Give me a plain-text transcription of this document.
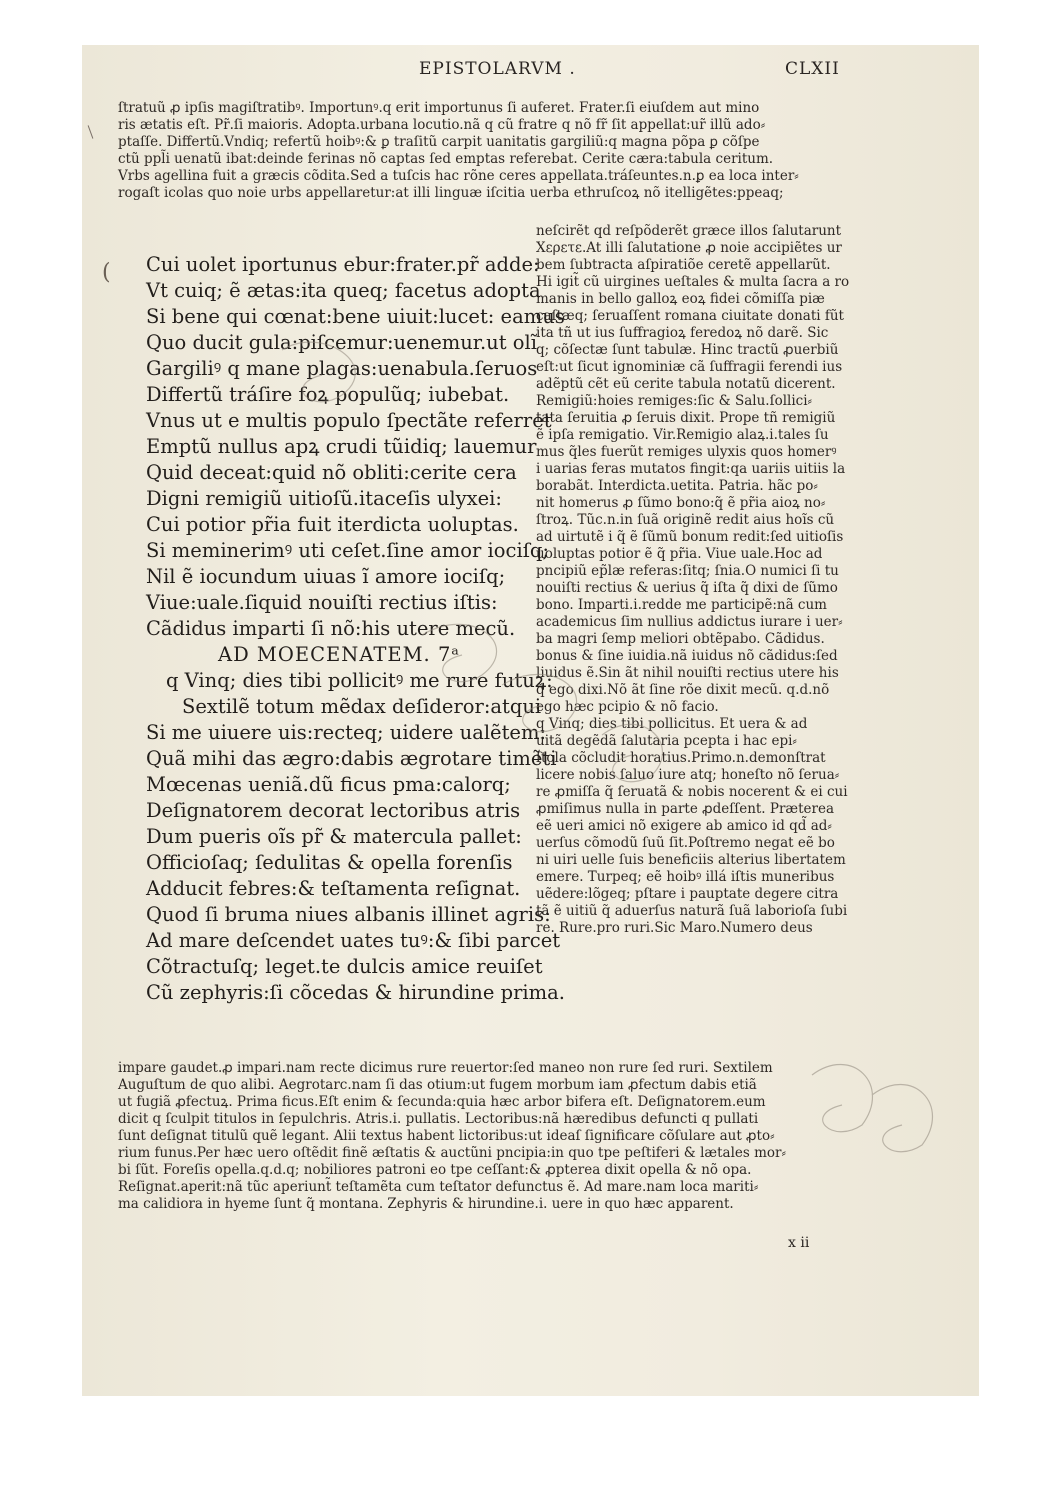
EPISTOLARVM .	CLXII
ſtratuũ ꝓ ipſis magiſtratibꝰ. Importunꝰ.q erit importunus ſi auferet. Frater.ſi eiuſdem aut mino
ris ætatis eſt. Pr̃.ſi maioris. Adopta.urbana locutio.nã q cũ fratre q nõ fr̃ ſit appellat:ur̃ illũ ado⸗
ptaſſe. Differtũ.Vndiq; refertũ hoibꝰ:& ꝑ traſitũ carpit uanitatis gargiliũ:q magna põpa ꝑ cõſpe
ctũ ppl̃i uenatũ ibat:deinde ferinas nõ captas ſed emptas referebat. Cerite cæra:tabula ceritum.
Vrbs agellina fuit a græcis cõdita.Sed a tuſcis hac rõne ceres appellata.tráſeuntes.n.ꝑ ea loca inter⸗
rogaſt icolas quo noie urbs appellaretur:at illi linguæ iſcitia uerba ethruſcoꝝ nõ itelligẽtes:ppeaq;
neſcirẽt qd reſpõderẽt græce illos ſalutarunt
Χερετε.At illi ſalutatione ꝓ noie accipiẽtes ur
bem ſubtracta aſpiratiõe ceretẽ appellarũt.
Hi igit̃ cũ uirgines ueſtales & multa ſacra a ro
manis in bello galloꝝ eoꝝ fidei cõmiſſa piæ
caſtæq; ſeruaſſent romana ciuitate donati fũt
ita tñ ut ius ſuffragioꝝ feredoꝝ nõ darẽ. Sic
q; cõſectæ ſunt tabulæ. Hinc tractũ ꝓuerbiũ
eſt:ut ſicut ignominiæ cã ſuffragii ferendi ius
adẽptũ cẽt eũ cerite tabula notatũ dicerent.
Remigiũ:hoies remiges:ſic & Salu.ſollici⸗
tata ſeruitia ꝓ ſeruis dixit. Prope tñ remigiũ
ẽ ipſa remigatio. Vir.Remigio alaꝝ.i.tales ſu
mus q̃les fuerũt remiges ulyxis quos homerꝰ
i uarias feras mutatos fingit:qa uariis uitiis la
borabãt. Interdicta.uetita. Patria. hãc po⸗
nit homerus ꝓ ſũmo bono:q̃ ẽ pr̃ia aioꝝ no⸗
ſtroꝝ. Tũc.n.in ſuã originẽ redit aius hoĩs cũ
ad uirtutẽ i q̃ ẽ ſũmũ bonum redit:ſed uitioſis
uoluptas potior ẽ q̃ pr̃ia. Viue uale.Hoc ad
pncipiũ ep̃læ referas:ſitq; ſnia.O numici ſi tu
nouiſti rectius & uerius q̃ iſta q̃ dixi de ſũmo
bono. Imparti.i.redde me participẽ:nã cum
academicus ſim nullius addictus iurare i uer⸗
ba magri ſemp meliori obtẽpabo. Cãdidus.
bonus & ſine iuidia.nã iuidus nõ cãdidus:ſed
liuidus ẽ.Sin ãt nihil nouiſti rectius utere his
q̃ ego dixi.Nõ ãt ſine rõe dixit mecũ. q.d.nõ
ego hæc pcipio & nõ facio.
q Vinq; dies tibi pollicitus. Et uera & ad
uitã degẽdã ſalutaria pcepta i hac epi⸗
ſtola cõcludit horatius.Primo.n.demonſtrat
licere nobis ſaluo iure atq; honeſto nõ ſerua⸗
re ꝓmiſſa q̃ ſeruatã & nobis nocerent & ei cui
ꝓmiſimus nulla in parte ꝓdeſſent. Præterea
eẽ ueri amici nõ exigere ab amico id qd̃ ad⸗
uerſus cõmodũ ſuũ ſit.Poſtremo negat eẽ bo
ni uiri uelle ſuis beneficiis alterius libertatem
emere. Turpeq; eẽ hoibꝰ illá iſtis muneribus
uẽdere:lõgeq; pſtare i pauptate degere citra
tã ẽ uitiũ q̃ aduerſus naturã ſuã laborioſa ſubi
re. Rure.pro ruri.Sic Maro.Numero deus
Cui uolet iportunus ebur:frater.pr̃ adde:
Vt cuiq; ẽ ætas:ita queq; facetus adopta
Si bene qui cœnat:bene uiuit:lucet: eamus
Quo ducit gula:piſcemur:uenemur.ut olĩ
Gargiliꝰ q mane plagas:uenabula.ſeruos
Differtũ tráſire foꝝ populũq; iubebat.
Vnus ut e multis populo ſpectãte referret
Emptũ nullus apꝝ crudi tũidiq; lauemur
Quid deceat:quid nõ obliti:cerite cera
Digni remigiũ uitioſũ.itaceſis ulyxei:
Cui potior pr̃ia fuit iterdicta uoluptas.
Si meminerimꝰ uti ceſet.ſine amor iociſq;
Nil ẽ iocundum uiuas ĩ amore iociſq;
Viue:uale.ſiquid nouiſti rectius iſtis:
Cãdidus imparti ſi nõ:his utere mecũ.
AD MOECENATEM. 7ᵃ
q Vinq; dies tibi pollicitꝰ me rure futuꝝ:
Sextilẽ totum mẽdax deſideror:atqui
Si me uiuere uis:recteq; uidere ualẽtem:
Quã mihi das ægro:dabis ægrotare timẽti
Mœcenas ueniã.dũ ficus pma:calorq;
Deſignatorem decorat lectoribus atris
Dum pueris oĩs pr̃ & matercula pallet:
Officioſaq; ſedulitas & opella forenſis
Adducit febres:& teſtamenta reſignat.
Quod ſi bruma niues albanis illinet agris:
Ad mare deſcendet uates tuꝰ:& ſibi parcet
Cõtractuſq; leget.te dulcis amice reuiſet
Cũ zephyris:ſi cõcedas & hirundine prima.
impare gaudet.ꝓ impari.nam recte dicimus rure reuertor:ſed maneo non rure ſed ruri. Sextilem
Auguſtum de quo alibi. Aegrotarc.nam ſi das otium:ut fugem morbum iam ꝓfectum dabis etiã
ut fugiã ꝓfectuꝝ. Prima ficus.Eſt enim & ſecunda:quia hæc arbor bifera eſt. Deſignatorem.eum
dicit q ſculpit titulos in ſepulchris. Atris.i. pullatis. Lectoribus:nã hæredibus defuncti q pullati
ſunt deſignat titulũ quẽ legant. Alii textus habent lictoribus:ut ideaſ ſignificare cõſulare aut ꝓto⸗
rium funus.Per hæc uero oſtẽdit finẽ æſtatis & auctũni pncipia:in quo tpe peſtiferi & lætales mor⸗
bi ſũt. Foreſis opella.q.d.q; nobiliores patroni eo tpe ceſſant:& ꝓpterea dixit opella & nõ opa.
Reſignat.aperit:nã tũc aperiunt̃ teſtamẽta cum teſtator defunctus ẽ. Ad mare.nam loca mariti⸗
ma calidiora in hyeme ſunt q̃ montana. Zephyris & hirundine.i. uere in quo hæc apparent.
x ii
(
